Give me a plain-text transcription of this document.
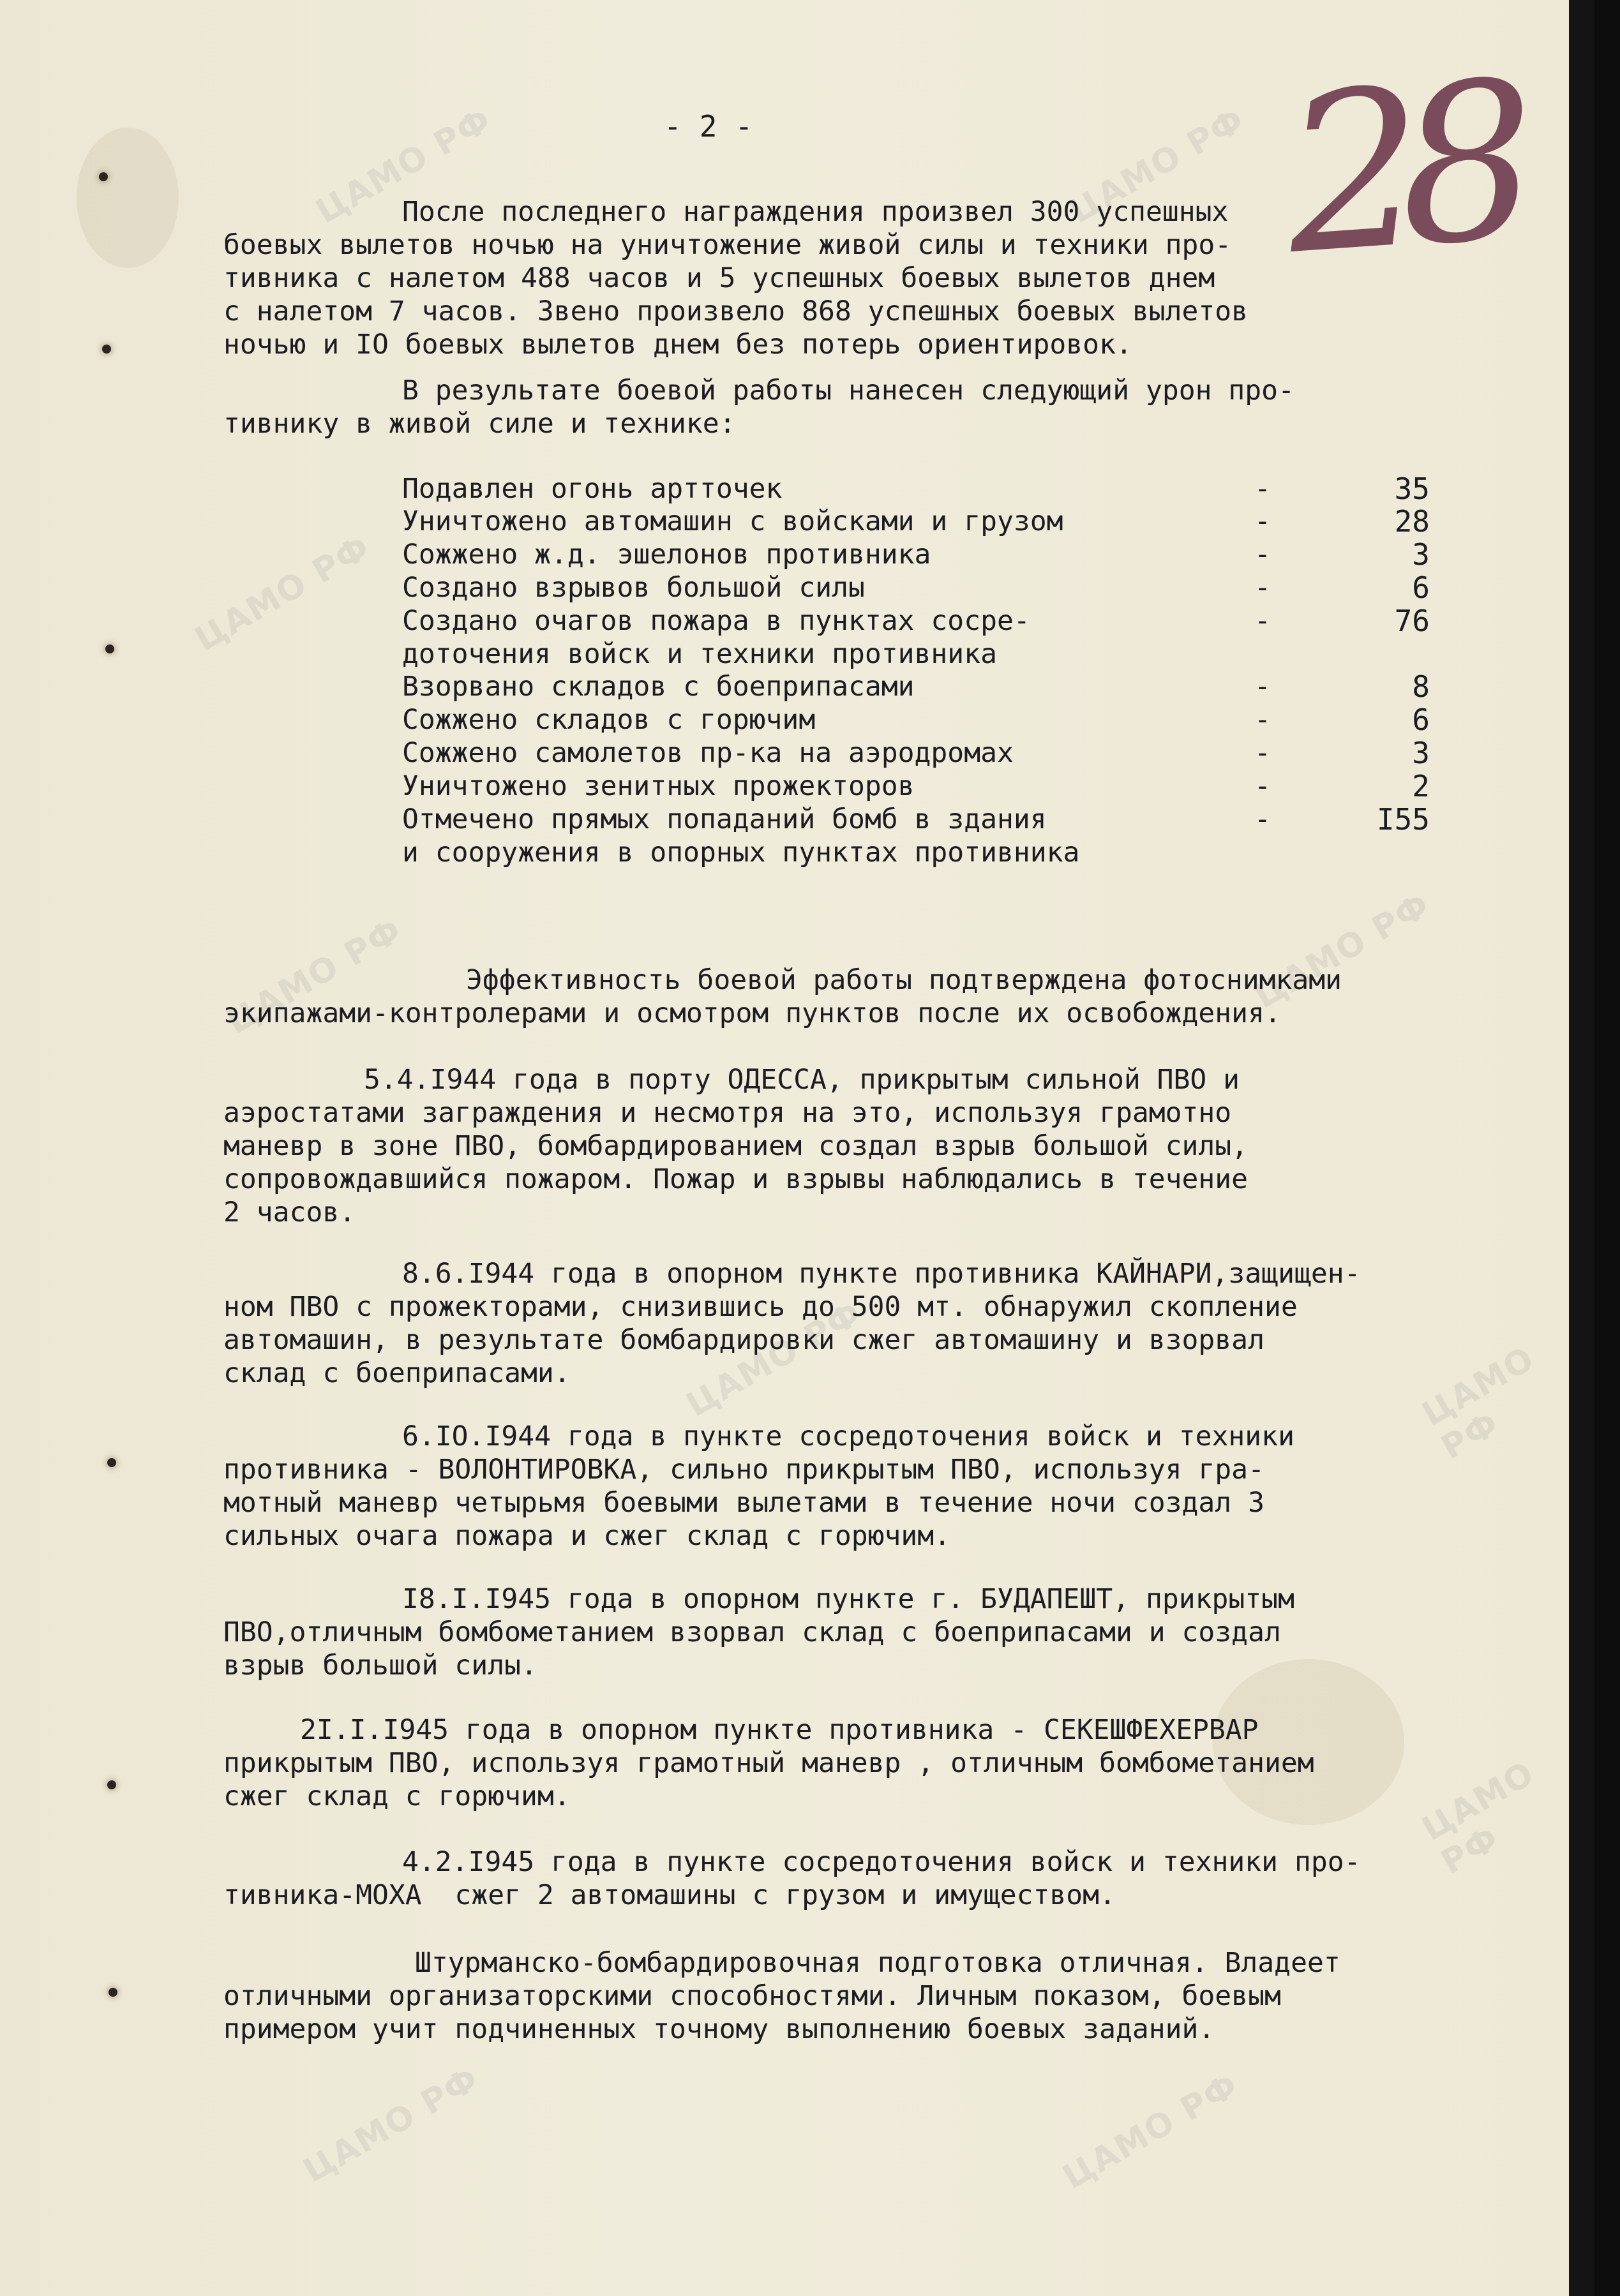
ЦАМО РФ
ЦАМО РФ
ЦАМО РФ
ЦАМО РФ
ЦАМО РФ
ЦАМО РФ	ЦАМО РФ
ЦАМО РФ
ЦАМО РФ	ЦАМО РФ
28
- 2 -
После последнего награждения произвел 300 успешных
боевых вылетов ночью на уничтожение живой силы и техники про-
тивника с налетом 488 часов и 5 успешных боевых вылетов днем
с налетом 7 часов. Звено произвело 868 успешных боевых вылетов
ночью и IO боевых вылетов днем без потерь ориентировок.
В результате боевой работы нанесен следующий урон про-
тивнику в живой силе и технике:
Подавлен огонь артточек	-	35
Уничтожено автомашин с войсками и грузом	-	28
Сожжено ж.д. эшелонов противника	-	3
Создано взрывов большой силы	-	6
Создано очагов пожара в пунктах сосре-
доточения войск и техники противника
-	76
Взорвано складов с боеприпасами	-	8
Сожжено складов с горючим	-	6
Сожжено самолетов пр-ка на аэродромах	-	3
Уничтожено зенитных прожекторов	-	2
Отмечено прямых попаданий бомб в здания
и сооружения в опорных пунктах противника
-	I55
Эффективность боевой работы подтверждена фотоснимками
экипажами-контролерами и осмотром пунктов после их освобождения.
5.4.I944 года в порту ОДЕССА, прикрытым сильной ПВО и
аэростатами заграждения и несмотря на это, используя грамотно
маневр в зоне ПВО, бомбардированием создал взрыв большой силы,
сопровождавшийся пожаром. Пожар и взрывы наблюдались в течение
2 часов.
8.6.I944 года в опорном пункте противника КАЙНАРИ,защищен-
ном ПВО с прожекторами, снизившись до 500 мт. обнаружил скопление
автомашин, в результате бомбардировки сжег автомашину и взорвал
склад с боеприпасами.
6.IO.I944 года в пункте сосредоточения войск и техники
противника - ВОЛОНТИРОВКА, сильно прикрытым ПВО, используя гра-
мотный маневр четырьмя боевыми вылетами в течение ночи создал 3
сильных очага пожара и сжег склад с горючим.
I8.I.I945 года в опорном пункте г. БУДАПЕШТ, прикрытым
ПВО,отличным бомбометанием взорвал склад с боеприпасами и создал
взрыв большой силы.
2I.I.I945 года в опорном пункте противника - СЕКЕШФЕХЕРВАР
прикрытым ПВО, используя грамотный маневр , отличным бомбометанием
сжег склад с горючим.
4.2.I945 года в пункте сосредоточения войск и техники про-
тивника-МОХА  сжег 2 автомашины с грузом и имуществом.
Штурманско-бомбардировочная подготовка отличная. Владеет
отличными организаторскими способностями. Личным показом, боевым
примером учит подчиненных точному выполнению боевых заданий.
